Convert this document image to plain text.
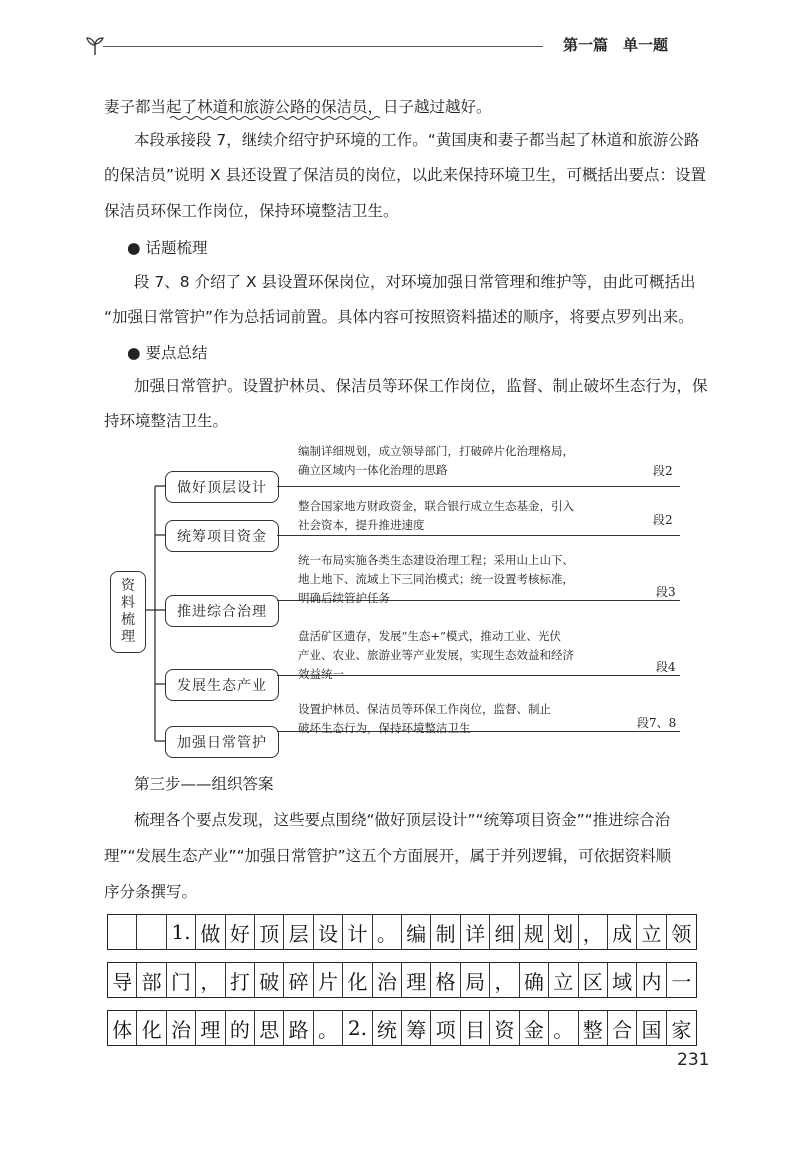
第一篇　单一题
妻子都当起了林道和旅游公路的保洁员，日子越过越好。
本段承接段 7，继续介绍守护环境的工作。“黄国庚和妻子都当起了林道和旅游公路
的保洁员”说明 X 县还设置了保洁员的岗位，以此来保持环境卫生，可概括出要点：设置
保洁员环保工作岗位，保持环境整洁卫生。
● 话题梳理
段 7、8 介绍了 X 县设置环保岗位，对环境加强日常管理和维护等，由此可概括出
“加强日常管护”作为总括词前置。具体内容可按照资料描述的顺序，将要点罗列出来。
● 要点总结
加强日常管护。设置护林员、保洁员等环保工作岗位，监督、制止破坏生态行为，保
持环境整洁卫生。
资料梳理
做好顶层设计
编制详细规划，成立领导部门，打破碎片化治理格局，
确立区域内一体化治理的思路	段2
统筹项目资金
整合国家地方财政资金，联合银行成立生态基金，引入
社会资本，提升推进速度	段2
推进综合治理
统一布局实施各类生态建设治理工程；采用山上山下、
地上地下、流域上下三同治模式；统一设置考核标准，
明确后续管护任务	段3
发展生态产业
盘活矿区遗存，发展“生态+”模式，推动工业、光伏
产业、农业、旅游业等产业发展，实现生态效益和经济
效益统一	段4
加强日常管护
设置护林员、保洁员等环保工作岗位，监督、制止
破坏生态行为，保持环境整洁卫生	段7、8
第三步——组织答案
梳理各个要点发现，这些要点围绕“做好顶层设计”“统筹项目资金”“推进综合治
理”“发展生态产业”“加强日常管护”这五个方面展开，属于并列逻辑，可依据资料顺
序分条撰写。
1. 做 好 顶 层 设 计 。 编 制 详 细 规 划 ， 成 立 领
导 部 门 ， 打 破 碎 片 化 治 理 格 局 ， 确 立 区 域 内 一
体 化 治 理 的 思 路 。 2. 统 筹 项 目 资 金 。 整 合 国 家
231
